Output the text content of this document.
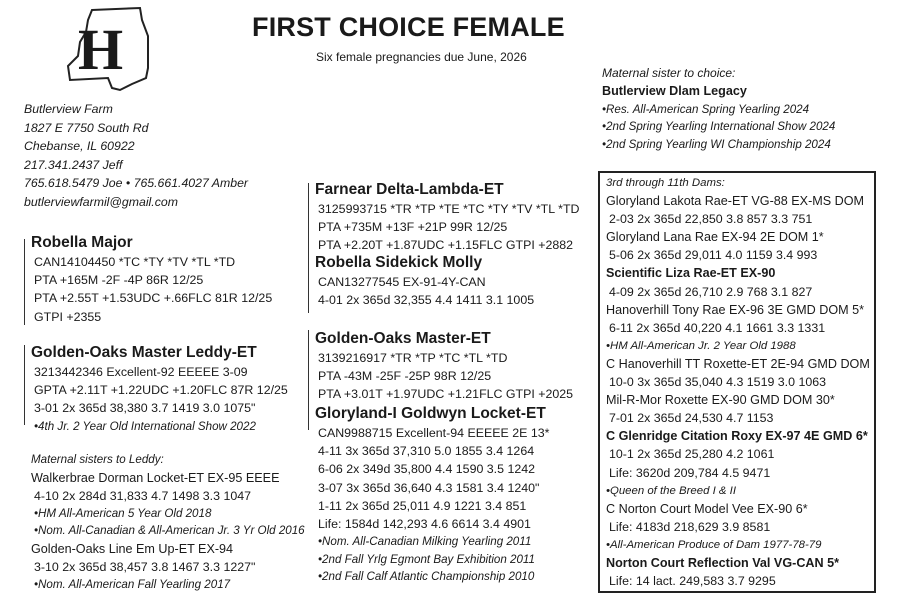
H	FIRST CHOICE FEMALE
Six female pregnancies due June, 2026
Butlerview Farm
1827 E 7750 South Rd
Chebanse, IL 60922
217.341.2437 Jeff
765.618.5479 Joe • 765.661.4027 Amber
butlerviewfarmil@gmail.com
Maternal sister to choice:
Butlerview Dlam Legacy
•Res. All-American Spring Yearling 2024
•2nd Spring Yearling International Show 2024
•2nd Spring Yearling WI Championship 2024
Robella Major
CAN14104450 *TC *TY *TV *TL *TD
PTA +165M -2F -4P 86R 12/25
PTA +2.55T +1.53UDC +.66FLC 81R 12/25
GTPI +2355
Golden-Oaks Master Leddy-ET
3213442346 Excellent-92 EEEEE 3-09
GPTA +2.11T +1.22UDC +1.20FLC 87R 12/25
3-01 2x 365d 38,380 3.7 1419 3.0 1075"
•4th Jr. 2 Year Old International Show 2022
Maternal sisters to Leddy:
Walkerbrae Dorman Locket-ET EX-95 EEEE
4-10 2x 284d 31,833 4.7 1498 3.3 1047
•HM All-American 5 Year Old 2018
•Nom. All-Canadian & All-American Jr. 3 Yr Old 2016
Golden-Oaks Line Em Up-ET EX-94
3-10 2x 365d 38,457 3.8 1467 3.3 1227"
•Nom. All-American Fall Yearling 2017
Farnear Delta-Lambda-ET
3125993715 *TR *TP *TE *TC *TY *TV *TL *TD
PTA +735M +13F +21P 99R 12/25
PTA +2.20T +1.87UDC +1.15FLC GTPI +2882
Robella Sidekick Molly
CAN13277545 EX-91-4Y-CAN
4-01 2x 365d 32,355 4.4 1411 3.1 1005
Golden-Oaks Master-ET
3139216917 *TR *TP *TC *TL *TD
PTA -43M -25F -25P 98R 12/25
PTA +3.01T +1.97UDC +1.21FLC GTPI +2025
Gloryland-I Goldwyn Locket-ET
CAN9988715 Excellent-94 EEEEE 2E 13*
4-11 3x 365d 37,310 5.0 1855 3.4 1264
6-06 2x 349d 35,800 4.4 1590 3.5 1242
3-07 3x 365d 36,640 4.3 1581 3.4 1240"
1-11 2x 365d 25,011 4.9 1221 3.4 851
Life: 1584d 142,293 4.6 6614 3.4 4901
•Nom. All-Canadian Milking Yearling 2011
•2nd Fall Yrlg Egmont Bay Exhibition 2011
•2nd Fall Calf Atlantic Championship 2010
3rd through 11th Dams:
Gloryland Lakota Rae-ET VG-88 EX-MS DOM
2-03 2x 365d 22,850 3.8 857 3.3 751
Gloryland Lana Rae EX-94 2E DOM 1*
5-06 2x 365d 29,011 4.0 1159 3.4 993
Scientific Liza Rae-ET EX-90
4-09 2x 365d 26,710 2.9 768 3.1 827
Hanoverhill Tony Rae EX-96 3E GMD DOM 5*
6-11 2x 365d 40,220 4.1 1661 3.3 1331
•HM All-American Jr. 2 Year Old 1988
C Hanoverhill TT Roxette-ET 2E-94 GMD DOM
10-0 3x 365d 35,040 4.3 1519 3.0 1063
Mil-R-Mor Roxette EX-90 GMD DOM 30*
7-01 2x 365d 24,530 4.7 1153
C Glenridge Citation Roxy EX-97 4E GMD 6*
10-1 2x 365d 25,280 4.2 1061
Life: 3620d 209,784 4.5 9471
•Queen of the Breed I & II
C Norton Court Model Vee EX-90 6*
Life: 4183d 218,629 3.9 8581
•All-American Produce of Dam 1977-78-79
Norton Court Reflection Val VG-CAN 5*
Life: 14 lact. 249,583 3.7 9295
